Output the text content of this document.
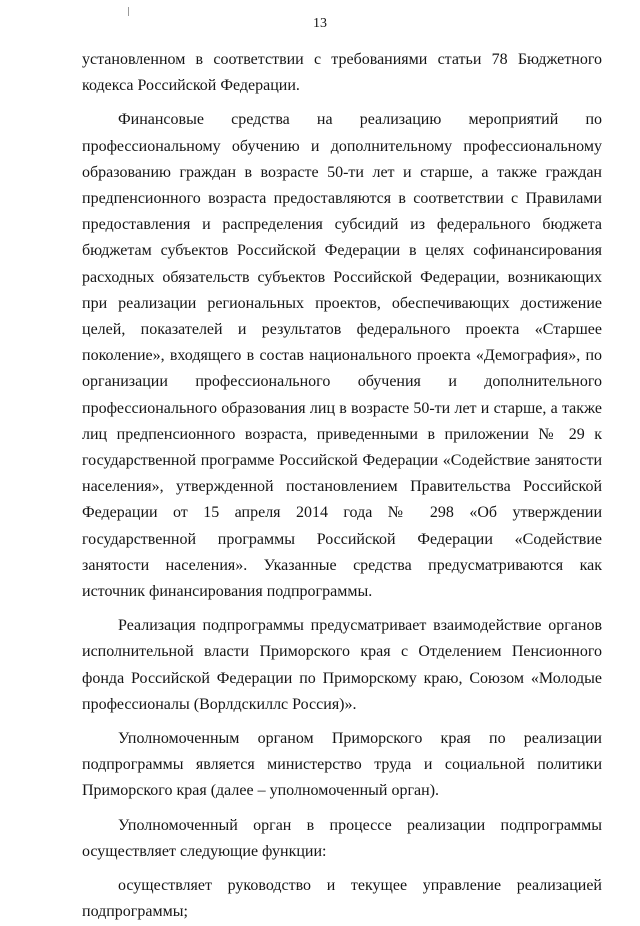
13

установленном в соответствии с требованиями статьи 78 Бюджетного кодекса Российской Федерации.

Финансовые средства на реализацию мероприятий по профессиональному обучению и дополнительному профессиональному образованию граждан в возрасте 50-ти лет и старше, а также граждан предпенсионного возраста предоставляются в соответствии с Правилами предоставления и распределения субсидий из федерального бюджета бюджетам субъектов Российской Федерации в целях софинансирования расходных обязательств субъектов Российской Федерации, возникающих при реализации региональных проектов, обеспечивающих достижение целей, показателей и результатов федерального проекта «Старшее поколение», входящего в состав национального проекта «Демография», по организации профессионального обучения и дополнительного профессионального образования лиц в возрасте 50-ти лет и старше, а также лиц предпенсионного возраста, приведенными в приложении № 29 к государственной программе Российской Федерации «Содействие занятости населения», утвержденной постановлением Правительства Российской Федерации от 15 апреля 2014 года № 298 «Об утверждении государственной программы Российской Федерации «Содействие занятости населения». Указанные средства предусматриваются как источник финансирования подпрограммы.

Реализация подпрограммы предусматривает взаимодействие органов исполнительной власти Приморского края с Отделением Пенсионного фонда Российской Федерации по Приморскому краю, Союзом «Молодые профессионалы (Ворлдскиллс Россия)».

Уполномоченным органом Приморского края по реализации подпрограммы является министерство труда и социальной политики Приморского края (далее – уполномоченный орган).

Уполномоченный орган в процессе реализации подпрограммы осуществляет следующие функции:

осуществляет руководство и текущее управление реализацией подпрограммы;
